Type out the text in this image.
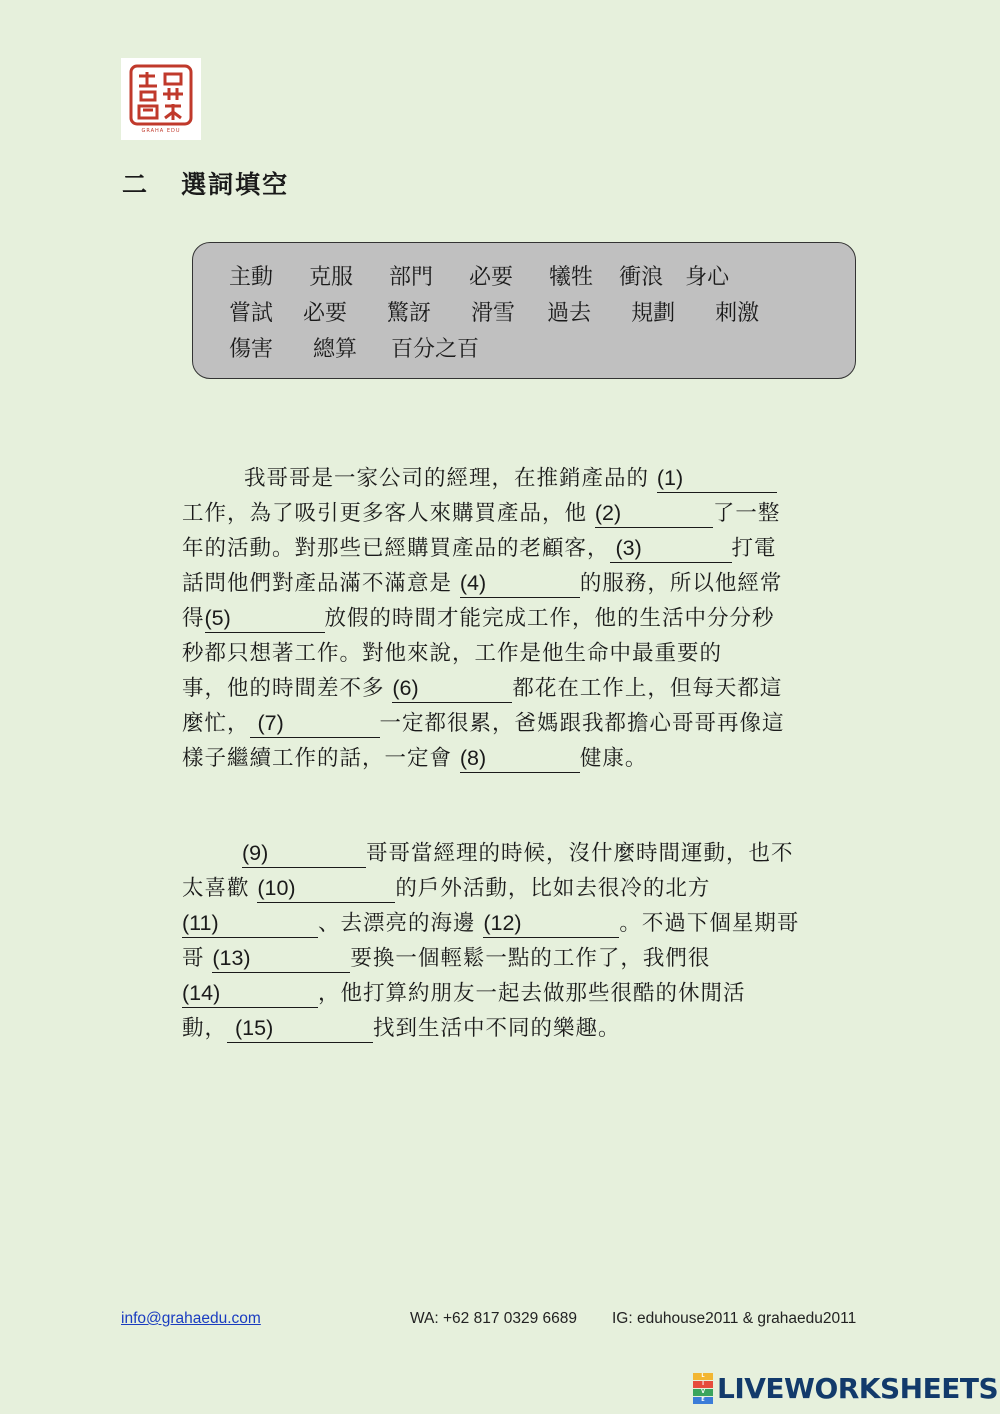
GRAHA EDU
二 選詞填空
主動 克服 部門 必要 犧牲 衝浪 身心
嘗試 必要 驚訝 滑雪 過去 規劃 刺激
傷害 總算 百分之百
我哥哥是一家公司的經理，在推銷產品的 (1)
工作，為了吸引更多客人來購買產品，他 (2)	了一整
年的活動。對那些已經購買產品的老顧客， (3)	打電
話問他們對產品滿不滿意是 (4)	的服務，所以他經常
得(5)	放假的時間才能完成工作，他的生活中分分秒
秒都只想著工作。對他來說，工作是他生命中最重要的
事，他的時間差不多 (6)	都花在工作上，但每天都這
麼忙， (7)	一定都很累，爸媽跟我都擔心哥哥再像這
樣子繼續工作的話，一定會 (8)	健康。
(9)	哥哥當經理的時候，沒什麼時間運動，也不
太喜歡 (10)	的戶外活動，比如去很冷的北方
(11)	、去漂亮的海邊 (12)	。不過下個星期哥
哥 (13)	要換一個輕鬆一點的工作了，我們很
(14)	，他打算約朋友一起去做那些很酷的休閒活
動， (15)	找到生活中不同的樂趣。
info@grahaedu.com	WA: +62 817 0329 6689 IG: eduhouse2011 & grahaedu2011
L
I
V
E LIVEWORKSHEETS
